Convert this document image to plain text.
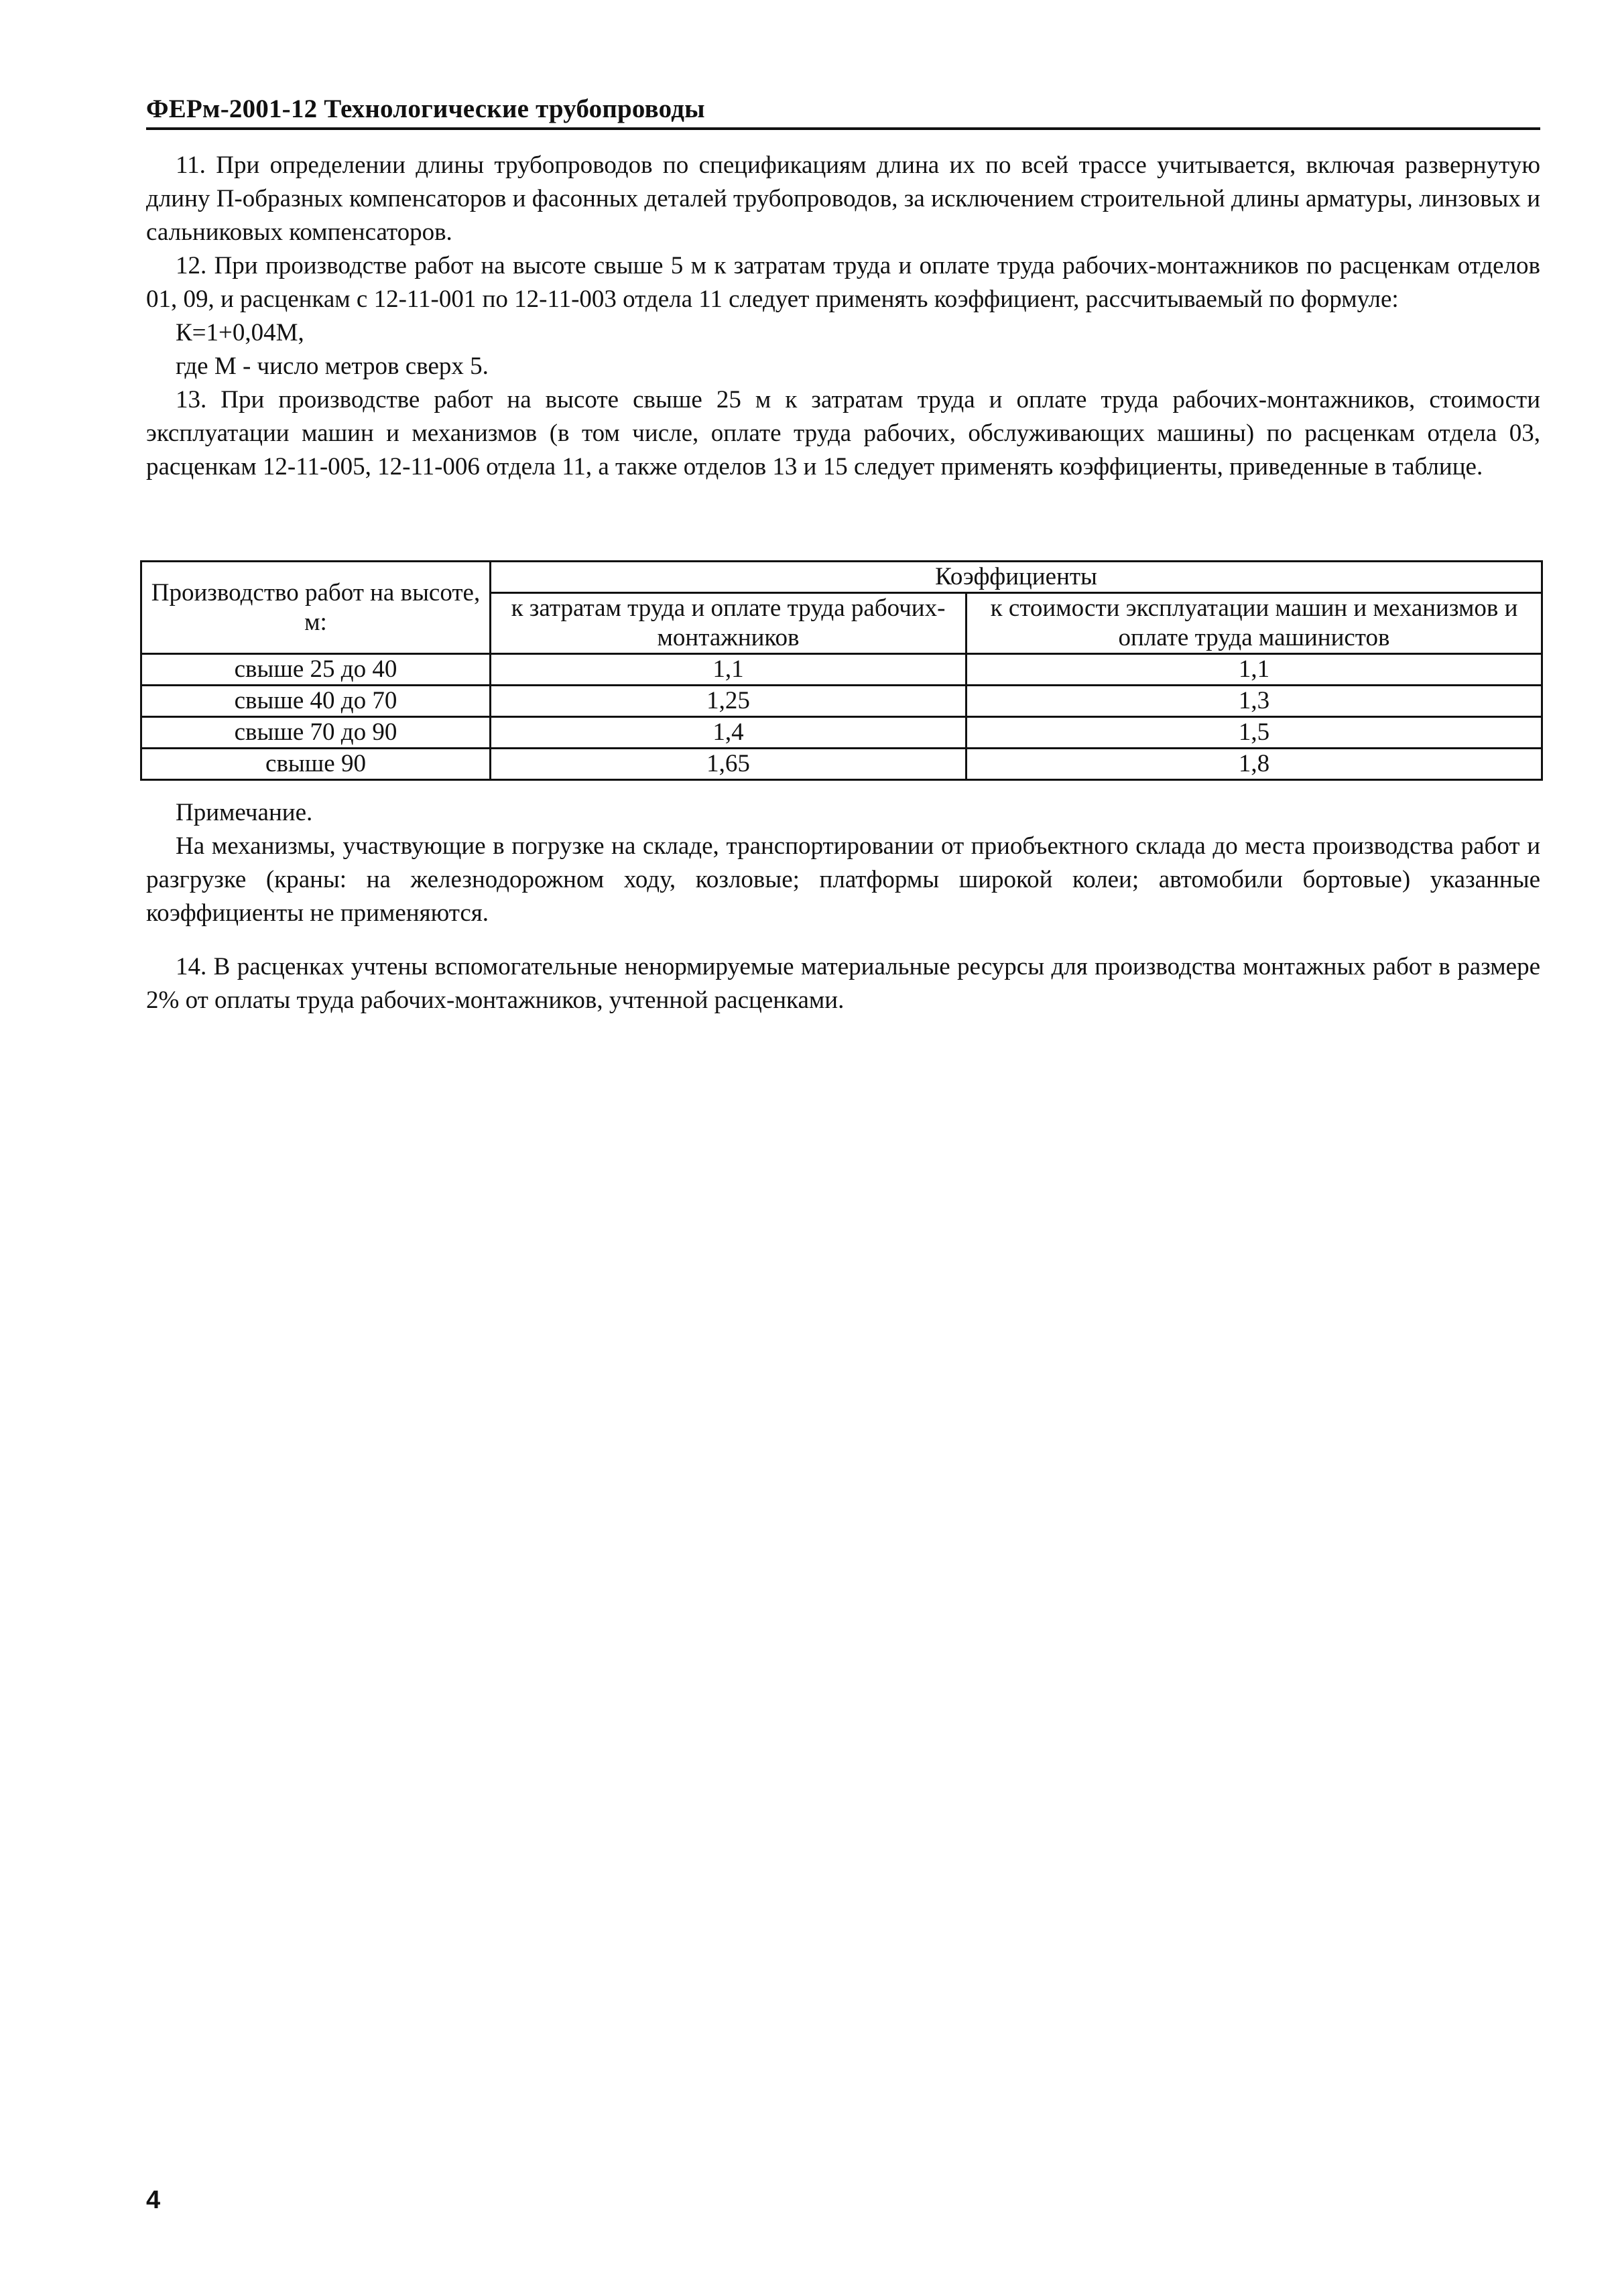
ФЕРм-2001-12 Технологические трубопроводы

11. При определении длины трубопроводов по спецификациям длина их по всей трассе учитывается, включая развернутую длину П-образных компенсаторов и фасонных деталей трубопроводов, за исключением строительной длины арматуры, линзовых и сальниковых компенсаторов.

12. При производстве работ на высоте свыше 5 м к затратам труда и оплате труда рабочих-монтажников по расценкам отделов 01, 09, и расценкам с 12-11-001 по 12-11-003 отдела 11 следует применять коэффициент, рассчитываемый по формуле:

К=1+0,04М,

где М - число метров сверх 5.

13. При производстве работ на высоте свыше 25 м к затратам труда и оплате труда рабочих-монтажников, стоимости эксплуатации машин и механизмов (в том числе, оплате труда рабочих, обслуживающих машины) по расценкам отдела 03, расценкам 12-11-005, 12-11-006 отдела 11, а также отделов 13 и 15 следует применять коэффициенты, приведенные в таблице.

Производство работ на высоте, м:	Коэффициенты	
	к затратам труда и оплате труда рабочих-монтажников	к стоимости эксплуатации машин и механизмов и оплате труда машинистов
свыше 25 до 40	1,1	1,1
свыше 40 до 70	1,25	1,3
свыше 70 до 90	1,4	1,5
свыше 90	1,65	1,8

Примечание.

На механизмы, участвующие в погрузке на складе, транспортировании от приобъектного склада до места производства работ и разгрузке (краны: на железнодорожном ходу, козловые; платформы широкой колеи; автомобили бортовые) указанные коэффициенты не применяются.

14. В расценках учтены вспомогательные ненормируемые материальные ресурсы для производства монтажных работ в размере 2% от оплаты труда рабочих-монтажников, учтенной расценками.

4
